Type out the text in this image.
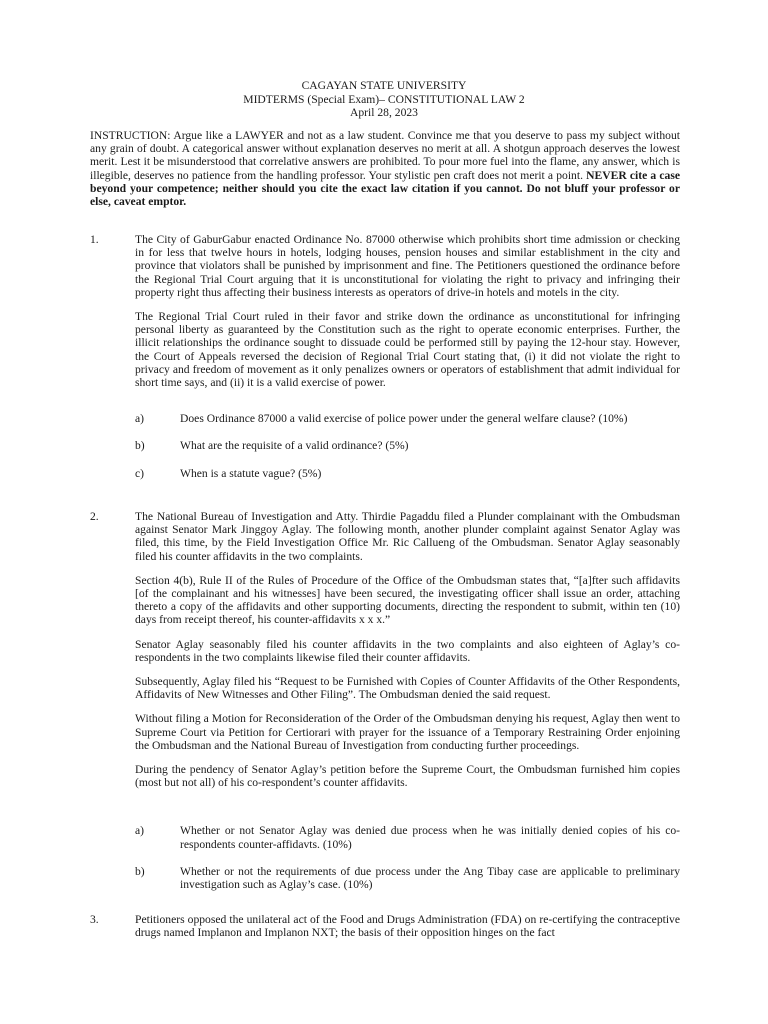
CAGAYAN STATE UNIVERSITY
MIDTERMS (Special Exam)– CONSTITUTIONAL LAW 2
April 28, 2023
INSTRUCTION: Argue like a LAWYER and not as a law student. Convince me that you deserve to pass my subject without any grain of doubt. A categorical answer without explanation deserves no merit at all. A shotgun approach deserves the lowest merit. Lest it be misunderstood that correlative answers are prohibited. To pour more fuel into the flame, any answer, which is illegible, deserves no patience from the handling professor. Your stylistic pen craft does not merit a point. NEVER cite a case beyond your competence; neither should you cite the exact law citation if you cannot. Do not bluff your professor or else, caveat emptor.
1.	The City of GaburGabur enacted Ordinance No. 87000 otherwise which prohibits short time admission or checking in for less that twelve hours in hotels, lodging houses, pension houses and similar establishment in the city and province that violators shall be punished by imprisonment and fine. The Petitioners questioned the ordinance before the Regional Trial Court arguing that it is unconstitutional for violating the right to privacy and infringing their property right thus affecting their business interests as operators of drive-in hotels and motels in the city.

The Regional Trial Court ruled in their favor and strike down the ordinance as unconstitutional for infringing personal liberty as guaranteed by the Constitution such as the right to operate economic enterprises. Further, the illicit relationships the ordinance sought to dissuade could be performed still by paying the 12-hour stay. However, the Court of Appeals reversed the decision of Regional Trial Court stating that, (i) it did not violate the right to privacy and freedom of movement as it only penalizes owners or operators of establishment that admit individual for short time says, and (ii) it is a valid exercise of power.

a)	Does Ordinance 87000 a valid exercise of police power under the general welfare clause? (10%)
b)	What are the requisite of a valid ordinance? (5%)
c)	When is a statute vague? (5%)
2.	The National Bureau of Investigation and Atty. Thirdie Pagaddu filed a Plunder complainant with the Ombudsman against Senator Mark Jinggoy Aglay. The following month, another plunder complaint against Senator Aglay was filed, this time, by the Field Investigation Office Mr. Ric Callueng of the Ombudsman. Senator Aglay seasonably filed his counter affidavits in the two complaints.

Section 4(b), Rule II of the Rules of Procedure of the Office of the Ombudsman states that, “[a]fter such affidavits [of the complainant and his witnesses] have been secured, the investigating officer shall issue an order, attaching thereto a copy of the affidavits and other supporting documents, directing the respondent to submit, within ten (10) days from receipt thereof, his counter-affidavits x x x.”

Senator Aglay seasonably filed his counter affidavits in the two complaints and also eighteen of Aglay’s co-respondents in the two complaints likewise filed their counter affidavits.

Subsequently, Aglay filed his “Request to be Furnished with Copies of Counter Affidavits of the Other Respondents, Affidavits of New Witnesses and Other Filing”. The Ombudsman denied the said request.

Without filing a Motion for Reconsideration of the Order of the Ombudsman denying his request, Aglay then went to Supreme Court via Petition for Certiorari with prayer for the issuance of a Temporary Restraining Order enjoining the Ombudsman and the National Bureau of Investigation from conducting further proceedings.

During the pendency of Senator Aglay’s petition before the Supreme Court, the Ombudsman furnished him copies (most but not all) of his co-respondent’s counter affidavits.

a)	Whether or not Senator Aglay was denied due process when he was initially denied copies of his co-respondents counter-affidavts. (10%)
b)	Whether or not the requirements of due process under the Ang Tibay case are applicable to preliminary investigation such as Aglay’s case. (10%)
3.	Petitioners opposed the unilateral act of the Food and Drugs Administration (FDA) on re-certifying the contraceptive drugs named Implanon and Implanon NXT; the basis of their opposition hinges on the fact
